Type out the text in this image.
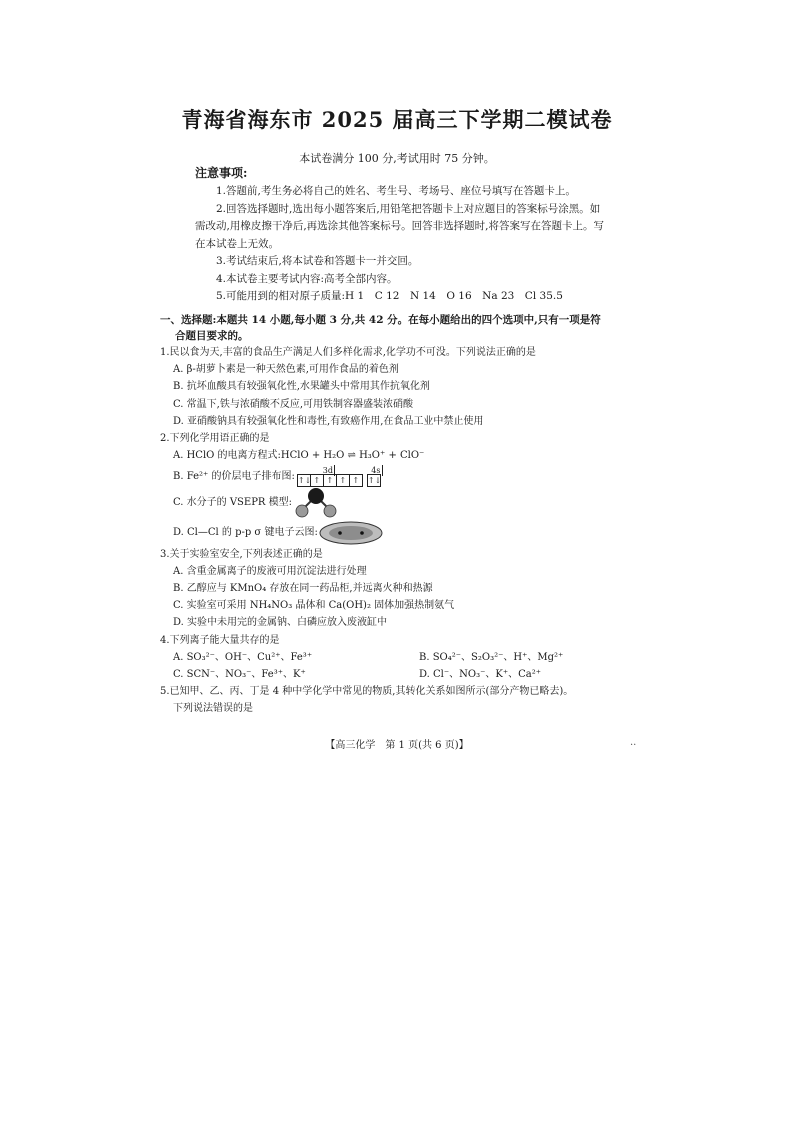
青海省海东市 2025 届高三下学期二模试卷
本试卷满分 100 分,考试用时 75 分钟。
注意事项:

1.答题前,考生务必将自己的姓名、考生号、考场号、座位号填写在答题卡上。

2.回答选择题时,选出每小题答案后,用铅笔把答题卡上对应题目的答案标号涂黑。如需改动,用橡皮擦干净后,再选涂其他答案标号。回答非选择题时,将答案写在答题卡上。写在本试卷上无效。

3.考试结束后,将本试卷和答题卡一并交回。

4.本试卷主要考试内容:高考全部内容。

5.可能用到的相对原子质量:H 1　C 12　N 14　O 16　Na 23　Cl 35.5

一、选择题:本题共 14 小题,每小题 3 分,共 42 分。在每小题给出的四个选项中,只有一项是符
合题目要求的。
1.民以食为天,丰富的食品生产满足人们多样化需求,化学功不可没。下列说法正确的是
A. β-胡萝卜素是一种天然色素,可用作食品的着色剂
B. 抗坏血酸具有较强氧化性,水果罐头中常用其作抗氧化剂
C. 常温下,铁与浓硝酸不反应,可用铁制容器盛装浓硝酸
D. 亚硝酸钠具有较强氧化性和毒性,有致癌作用,在食品工业中禁止使用
2.下列化学用语正确的是
A. HClO 的电离方程式:HClO + H₂O ⇌ H₃O⁺ + ClO⁻
B. Fe²⁺ 的价层电子排布图:
3d
↑↓ ↑ ↑ ↑ ↑
4s
↑↓
C. 水分子的 VSEPR 模型:
D. Cl—Cl 的 p-p σ 键电子云图:
3.关于实验室安全,下列表述正确的是
A. 含重金属离子的废液可用沉淀法进行处理
B. 乙醇应与 KMnO₄ 存放在同一药品柜,并远离火种和热源
C. 实验室可采用 NH₄NO₃ 晶体和 Ca(OH)₂ 固体加强热制氨气
D. 实验中未用完的金属钠、白磷应放入废液缸中
4.下列离子能大量共存的是
A. SO₃²⁻、OH⁻、Cu²⁺、Fe³⁺	B. SO₄²⁻、S₂O₃²⁻、H⁺、Mg²⁺
C. SCN⁻、NO₃⁻、Fe³⁺、K⁺	D. Cl⁻、NO₃⁻、K⁺、Ca²⁺
5.已知甲、乙、丙、丁是 4 种中学化学中常见的物质,其转化关系如图所示(部分产物已略去)。
下列说法错误的是
【高三化学　第 1 页(共 6 页)】	..
